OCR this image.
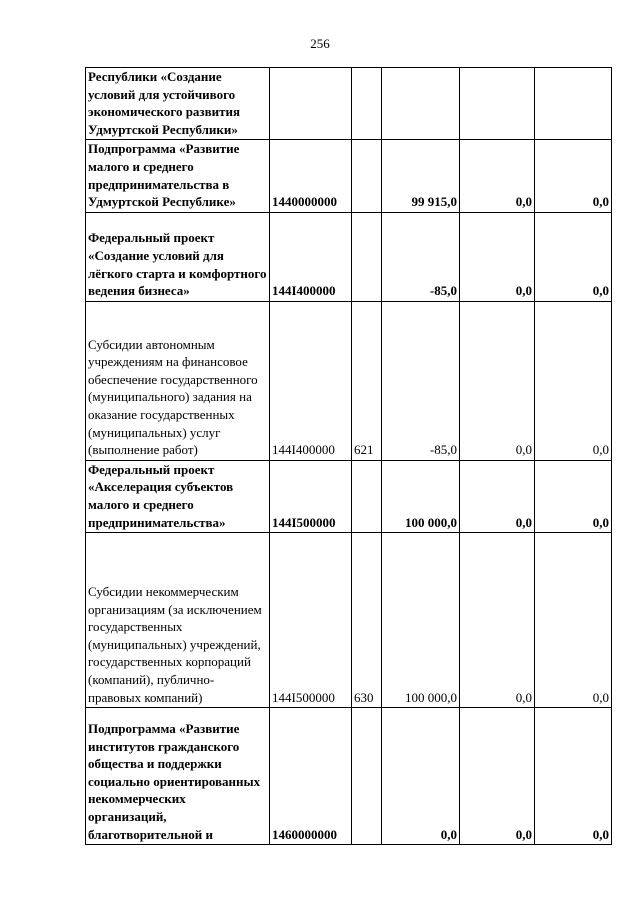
256
Республики «Создание условий для устойчивого экономического развития Удмуртской Республики»					
Подпрограмма «Развитие малого и среднего предпринимательства в Удмуртской Республике»	1440000000		99 915,0	0,0	0,0
Федеральный проект «Создание условий для лёгкого старта и комфортного ведения бизнеса»	144I400000		-85,0	0,0	0,0
Субсидии автономным учреждениям на финансовое обеспечение государственного (муниципального) задания на оказание государственных (муниципальных) услуг (выполнение работ)	144I400000	621	-85,0	0,0	0,0
Федеральный проект «Акселерация субъектов малого и среднего предпринимательства»	144I500000		100 000,0	0,0	0,0
Субсидии некоммерческим организациям (за исключением государственных (муниципальных) учреждений, государственных корпораций (компаний), публично-правовых компаний)	144I500000	630	100 000,0	0,0	0,0
Подпрограмма «Развитие институтов гражданского общества и поддержки социально ориентированных некоммерческих организаций, благотворительной и	1460000000		0,0	0,0	0,0
